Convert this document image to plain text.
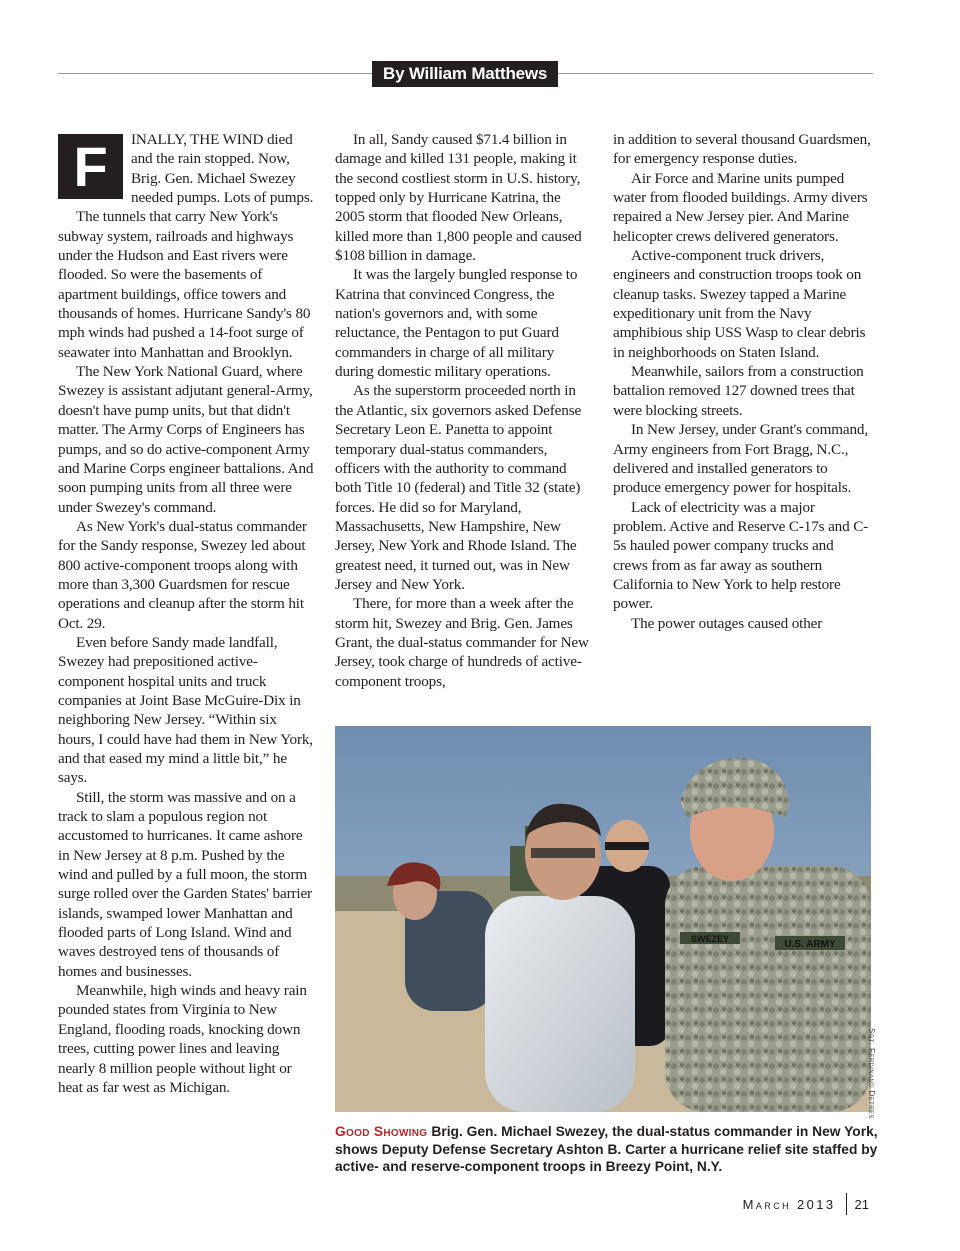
By William Matthews

F	INALLY, THE WIND died and the rain stopped. Now, Brig. Gen. Michael Swezey needed pumps. Lots of pumps.

The tunnels that carry New York's subway system, railroads and highways under the Hudson and East rivers were flooded. So were the basements of apartment buildings, office towers and thousands of homes. Hurricane Sandy's 80 mph winds had pushed a 14-foot surge of seawater into Manhattan and Brooklyn.

The New York National Guard, where Swezey is assistant adjutant general-Army, doesn't have pump units, but that didn't matter. The Army Corps of Engineers has pumps, and so do active-component Army and Marine Corps engineer battalions. And soon pumping units from all three were under Swezey's command.

As New York's dual-status commander for the Sandy response, Swezey led about 800 active-component troops along with more than 3,300 Guardsmen for rescue operations and cleanup after the storm hit Oct. 29.

Even before Sandy made landfall, Swezey had prepositioned active-component hospital units and truck companies at Joint Base McGuire-Dix in neighboring New Jersey. “Within six hours, I could have had them in New York, and that eased my mind a little bit,” he says.

Still, the storm was massive and on a track to slam a populous region not accustomed to hurricanes. It came ashore in New Jersey at 8 p.m. Pushed by the wind and pulled by a full moon, the storm surge rolled over the Garden States' barrier islands, swamped lower Manhattan and flooded parts of Long Island. Wind and waves destroyed tens of thousands of homes and businesses.

Meanwhile, high winds and heavy rain pounded states from Virginia to New England, flooding roads, knocking down trees, cutting power lines and leaving nearly 8 million people without light or heat as far west as Michigan.

In all, Sandy caused $71.4 billion in damage and killed 131 people, making it the second costliest storm in U.S. history, topped only by Hurricane Katrina, the 2005 storm that flooded New Orleans, killed more than 1,800 people and caused $108 billion in damage.

It was the largely bungled response to Katrina that convinced Congress, the nation's governors and, with some reluctance, the Pentagon to put Guard commanders in charge of all military during domestic military operations.

As the superstorm proceeded north in the Atlantic, six governors asked Defense Secretary Leon E. Panetta to appoint temporary dual-status commanders, officers with the authority to command both Title 10 (federal) and Title 32 (state) forces. He did so for Maryland, Massachusetts, New Hampshire, New Jersey, New York and Rhode Island. The greatest need, it turned out, was in New Jersey and New York.

There, for more than a week after the storm hit, Swezey and Brig. Gen. James Grant, the dual-status commander for New Jersey, took charge of hundreds of active-component troops,

in addition to several thousand Guardsmen, for emergency response duties.

Air Force and Marine units pumped water from flooded buildings. Army divers repaired a New Jersey pier. And Marine helicopter crews delivered generators.

Active-component truck drivers, engineers and construction troops took on cleanup tasks. Swezey tapped a Marine expeditionary unit from the Navy amphibious ship USS Wasp to clear debris in neighborhoods on Staten Island.

Meanwhile, sailors from a construction battalion removed 127 downed trees that were blocking streets.

In New Jersey, under Grant's command, Army engineers from Fort Bragg, N.C., delivered and installed generators to produce emergency power for hospitals.

Lack of electricity was a major problem. Active and Reserve C-17s and C-5s hauled power company trucks and crews from as far away as southern California to New York to help restore power.

The power outages caused other

U.S. ARMY
SWEZEY
Sgt. Ferdinand Detres
Good Showing Brig. Gen. Michael Swezey, the dual-status commander in New York, shows Deputy Defense Secretary Ashton B. Carter a hurricane relief site staffed by active- and reserve-component troops in Breezy Point, N.Y.
March 2013 21
